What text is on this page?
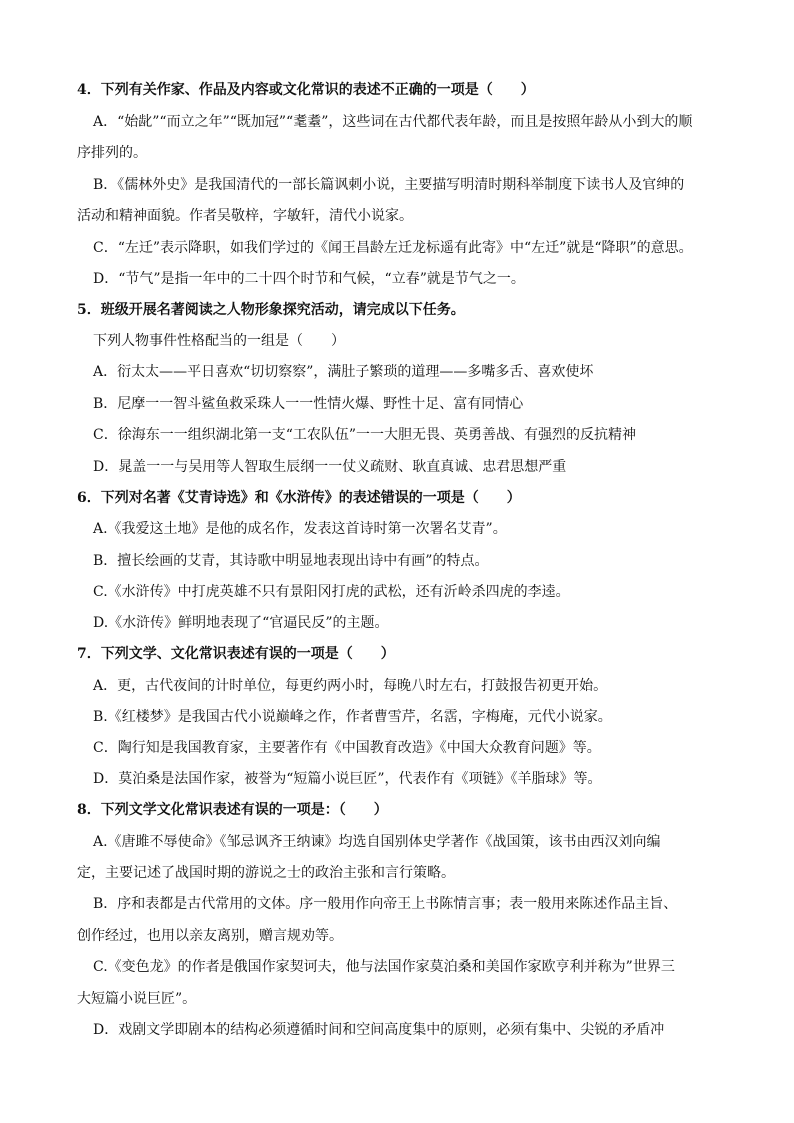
4．下列有关作家、作品及内容或文化常识的表述不正确的一项是（　　）
A．“始龀”“而立之年”“既加冠”“耄耋”，这些词在古代都代表年龄，而且是按照年龄从小到大的顺
序排列的。
B．《儒林外史》是我国清代的一部长篇讽刺小说，主要描写明清时期科举制度下读书人及官绅的
活动和精神面貌。作者吴敬梓，字敏轩，清代小说家。
C．“左迁”表示降职，如我们学过的《闻王昌龄左迁龙标遥有此寄》中“左迁”就是“降职”的意思。
D．“节气”是指一年中的二十四个时节和气候，“立春”就是节气之一。
5．班级开展名著阅读之人物形象探究活动，请完成以下任务。
下列人物事件性格配当的一组是（　　）
A．衍太太——平日喜欢“切切察察”，满肚子繁琐的道理——多嘴多舌、喜欢使坏
B．尼摩一一智斗鲨鱼救采珠人一一性情火爆、野性十足、富有同情心
C．徐海东一一组织湖北第一支“工农队伍”一一大胆无畏、英勇善战、有强烈的反抗精神
D．晁盖一一与吴用等人智取生辰纲一一仗义疏财、耿直真诚、忠君思想严重
6．下列对名著《艾青诗选》和《水浒传》的表述错误的一项是（　　）
A.《我爱这土地》是他的成名作，发表这首诗时第一次署名艾青”。
B．擅长绘画的艾青，其诗歌中明显地表现出诗中有画”的特点。
C.《水浒传》中打虎英雄不只有景阳冈打虎的武松，还有沂岭杀四虎的李逵。
D.《水浒传》鲜明地表现了“官逼民反”的主题。
7．下列文学、文化常识表述有误的一项是（　　）
A．更，古代夜间的计时单位，每更约两小时，每晚八时左右，打鼓报告初更开始。
B.《红楼梦》是我国古代小说巅峰之作，作者曹雪芹，名霑，字梅庵，元代小说家。
C．陶行知是我国教育家，主要著作有《中国教育改造》《中国大众教育问题》等。
D．莫泊桑是法国作家，被誉为“短篇小说巨匠”，代表作有《项链》《羊脂球》等。
8．下列文学文化常识表述有误的一项是：（　　）
A.《唐雎不辱使命》《邹忌讽齐王纳谏》均选自国别体史学著作《战国策，该书由西汉刘向编
定，主要记述了战国时期的游说之士的政治主张和言行策略。
B．序和表都是古代常用的文体。序一般用作向帝王上书陈情言事；表一般用来陈述作品主旨、
创作经过，也用以亲友离别，赠言规劝等。
C.《变色龙》的作者是俄国作家契诃夫，他与法国作家莫泊桑和美国作家欧亨利并称为”世界三
大短篇小说巨匠”。
D．戏剧文学即剧本的结构必须遵循时间和空间高度集中的原则，必须有集中、尖锐的矛盾冲
